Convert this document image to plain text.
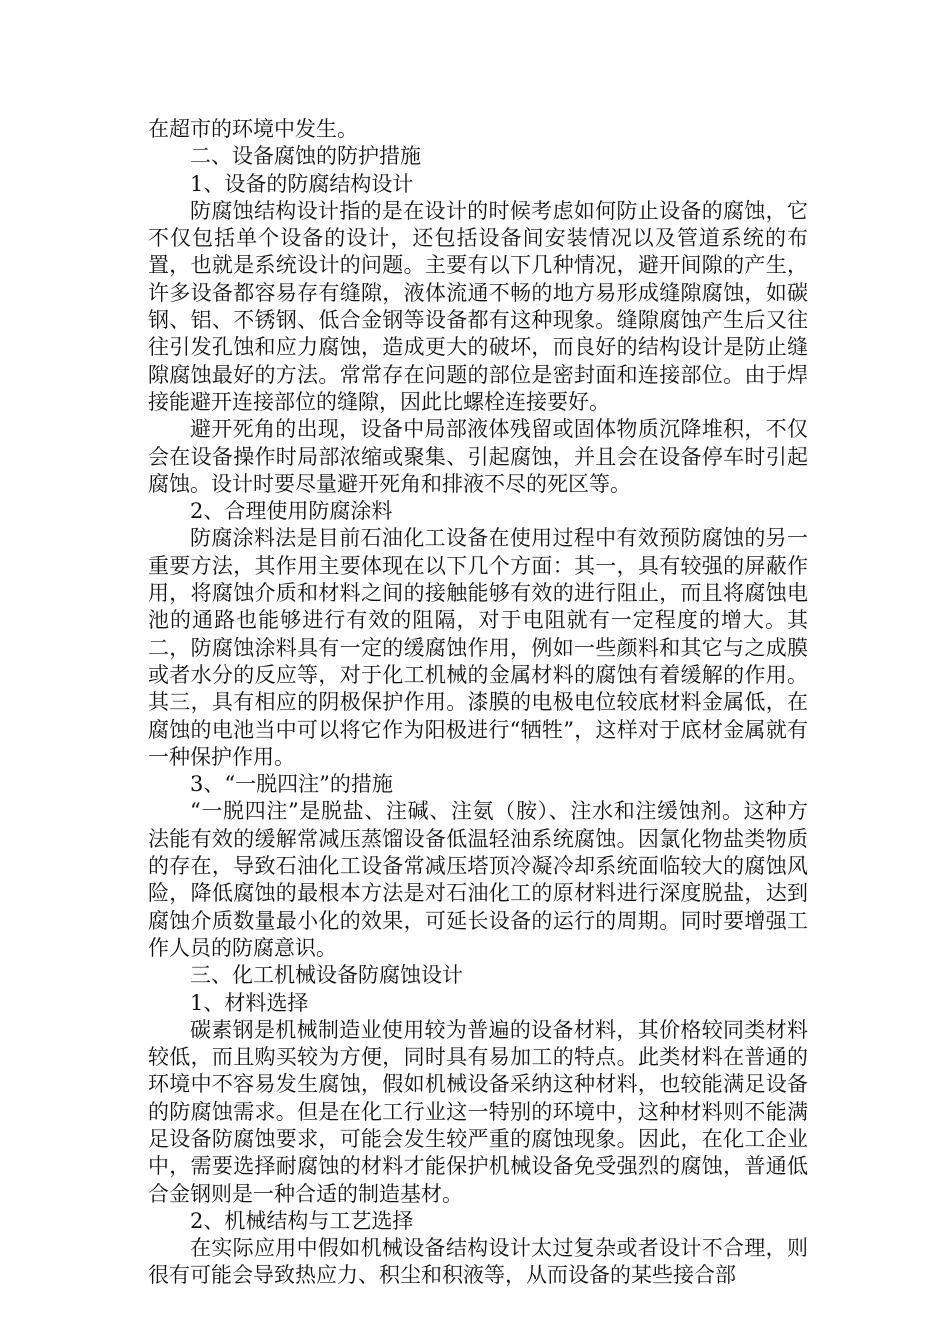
在超市的环境中发生。

二、设备腐蚀的防护措施

1、设备的防腐结构设计

防腐蚀结构设计指的是在设计的时候考虑如何防止设备的腐蚀，它不仅包括单个设备的设计，还包括设备间安装情况以及管道系统的布置，也就是系统设计的问题。主要有以下几种情况，避开间隙的产生，许多设备都容易存有缝隙，液体流通不畅的地方易形成缝隙腐蚀，如碳钢、铝、不锈钢、低合金钢等设备都有这种现象。缝隙腐蚀产生后又往往引发孔蚀和应力腐蚀，造成更大的破坏，而良好的结构设计是防止缝隙腐蚀最好的方法。常常存在问题的部位是密封面和连接部位。由于焊接能避开连接部位的缝隙，因此比螺栓连接要好。

避开死角的出现，设备中局部液体残留或固体物质沉降堆积，不仅会在设备操作时局部浓缩或聚集、引起腐蚀，并且会在设备停车时引起腐蚀。设计时要尽量避开死角和排液不尽的死区等。

2、合理使用防腐涂料

防腐涂料法是目前石油化工设备在使用过程中有效预防腐蚀的另一重要方法，其作用主要体现在以下几个方面：其一，具有较强的屏蔽作用，将腐蚀介质和材料之间的接触能够有效的进行阻止，而且将腐蚀电池的通路也能够进行有效的阻隔，对于电阻就有一定程度的增大。其二，防腐蚀涂料具有一定的缓腐蚀作用，例如一些颜料和其它与之成膜或者水分的反应等，对于化工机械的金属材料的腐蚀有着缓解的作用。其三，具有相应的阴极保护作用。漆膜的电极电位较底材料金属低，在腐蚀的电池当中可以将它作为阳极进行“牺牲”，这样对于底材金属就有一种保护作用。

3、“一脱四注”的措施

“一脱四注”是脱盐、注碱、注氨（胺）、注水和注缓蚀剂。这种方法能有效的缓解常减压蒸馏设备低温轻油系统腐蚀。因氯化物盐类物质的存在，导致石油化工设备常减压塔顶冷凝冷却系统面临较大的腐蚀风险，降低腐蚀的最根本方法是对石油化工的原材料进行深度脱盐，达到腐蚀介质数量最小化的效果，可延长设备的运行的周期。同时要增强工作人员的防腐意识。

三、化工机械设备防腐蚀设计

1、材料选择

碳素钢是机械制造业使用较为普遍的设备材料，其价格较同类材料较低，而且购买较为方便，同时具有易加工的特点。此类材料在普通的环境中不容易发生腐蚀，假如机械设备采纳这种材料，也较能满足设备的防腐蚀需求。但是在化工行业这一特别的环境中，这种材料则不能满足设备防腐蚀要求，可能会发生较严重的腐蚀现象。因此，在化工企业中，需要选择耐腐蚀的材料才能保护机械设备免受强烈的腐蚀，普通低合金钢则是一种合适的制造基材。

2、机械结构与工艺选择

在实际应用中假如机械设备结构设计太过复杂或者设计不合理，则很有可能会导致热应力、积尘和积液等，从而设备的某些接合部
